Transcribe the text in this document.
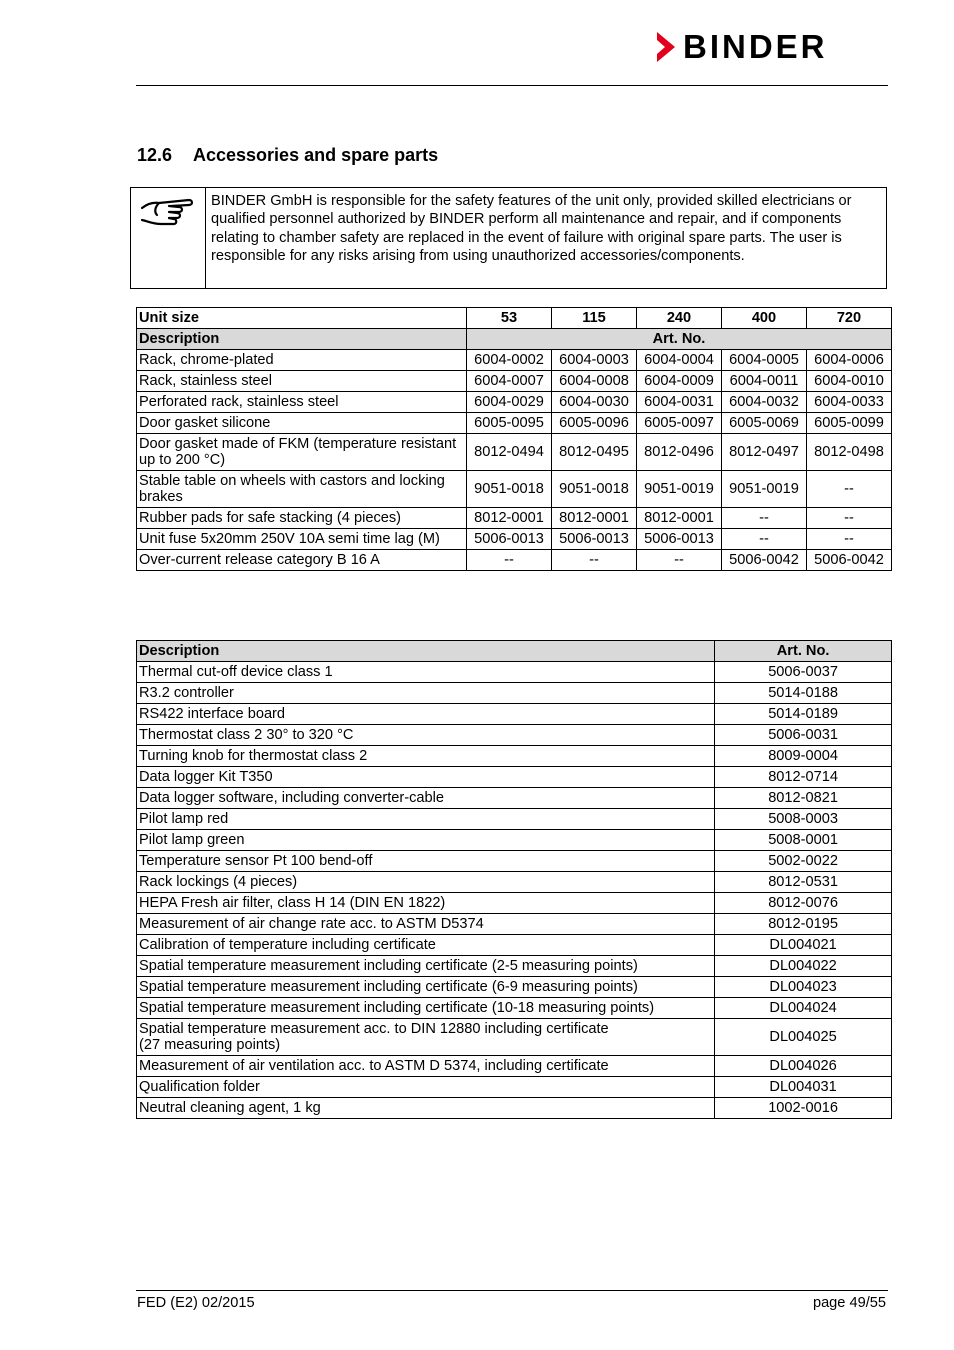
BINDER
12.6 Accessories and spare parts
BINDER GmbH is responsible for the safety features of the unit only, provided skilled electricians or qualified personnel authorized by BINDER perform all maintenance and repair, and if components relating to chamber safety are replaced in the event of failure with original spare parts. The user is responsible for any risks arising from using unauthorized accessories/components.
Unit size	53	115	240	400	720
Description	Art. No.				
Rack, chrome-plated	6004-0002	6004-0003	6004-0004	6004-0005	6004-0006
Rack, stainless steel	6004-0007	6004-0008	6004-0009	6004-0011	6004-0010
Perforated rack, stainless steel	6004-0029	6004-0030	6004-0031	6004-0032	6004-0033
Door gasket silicone	6005-0095	6005-0096	6005-0097	6005-0069	6005-0099
Door gasket made of FKM (temperature resistant up to 200 °C)	8012-0494	8012-0495	8012-0496	8012-0497	8012-0498
Stable table on wheels with castors and locking brakes	9051-0018	9051-0018	9051-0019	9051-0019	--
Rubber pads for safe stacking (4 pieces)	8012-0001	8012-0001	8012-0001	--	--
Unit fuse 5x20mm 250V 10A semi time lag (M)	5006-0013	5006-0013	5006-0013	--	--
Over-current release category B 16 A	--	--	--	5006-0042	5006-0042
Description	Art. No.
Thermal cut-off device class 1	5006-0037
R3.2 controller	5014-0188
RS422 interface board	5014-0189
Thermostat class 2 30° to 320 °C	5006-0031
Turning knob for thermostat class 2	8009-0004
Data logger Kit T350	8012-0714
Data logger software, including converter-cable	8012-0821
Pilot lamp red	5008-0003
Pilot lamp green	5008-0001
Temperature sensor Pt 100 bend-off	5002-0022
Rack lockings (4 pieces)	8012-0531
HEPA Fresh air filter, class H 14 (DIN EN 1822)	8012-0076
Measurement of air change rate acc. to ASTM D5374	8012-0195
Calibration of temperature including certificate	DL004021
Spatial temperature measurement including certificate (2-5 measuring points)	DL004022
Spatial temperature measurement including certificate (6-9 measuring points)	DL004023
Spatial temperature measurement including certificate (10-18 measuring points)	DL004024
Spatial temperature measurement acc. to DIN 12880 including certificate
(27 measuring points)	DL004025
Measurement of air ventilation acc. to ASTM D 5374, including certificate	DL004026
Qualification folder	DL004031
Neutral cleaning agent, 1 kg	1002-0016
FED (E2) 02/2015	page 49/55
